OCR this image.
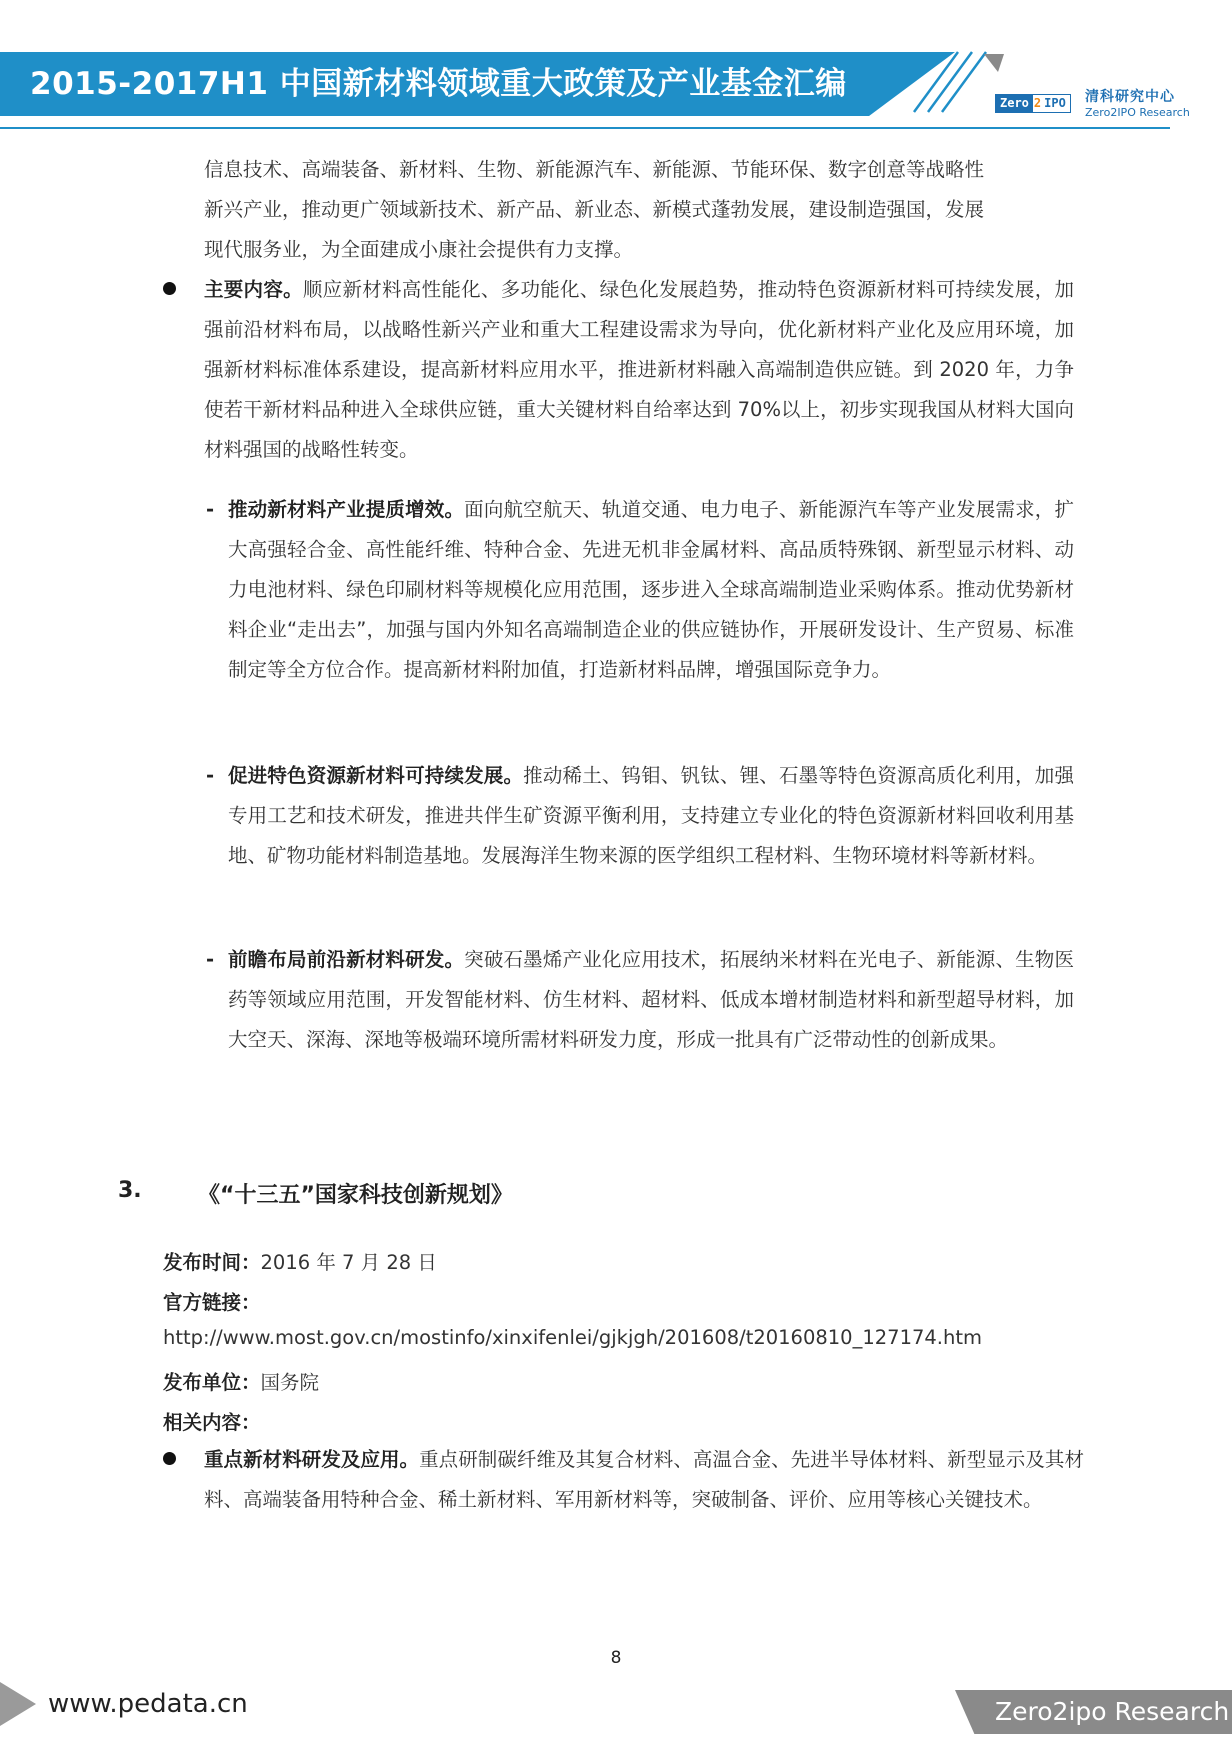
2015-2017H1 中国新材料领域重大政策及产业基金汇编
Zero 2 IPO 清科研究中心
Zero2IPO Research
信息技术、高端装备、新材料、生物、新能源汽车、新能源、节能环保、数字创意等战略性
新兴产业，推动更广领域新技术、新产品、新业态、新模式蓬勃发展，建设制造强国，发展
现代服务业，为全面建成小康社会提供有力支撑。
主要内容。顺应新材料高性能化、多功能化、绿色化发展趋势，推动特色资源新材料可持续发展，加强前沿材料布局，以战略性新兴产业和重大工程建设需求为导向，优化新材料产业化及应用环境，加强新材料标准体系建设，提高新材料应用水平，推进新材料融入高端制造供应链。到 2020 年，力争使若干新材料品种进入全球供应链，重大关键材料自给率达到 70%以上，初步实现我国从材料大国向材料强国的战略性转变。
- 推动新材料产业提质增效。面向航空航天、轨道交通、电力电子、新能源汽车等产业发展需求，扩大高强轻合金、高性能纤维、特种合金、先进无机非金属材料、高品质特殊钢、新型显示材料、动力电池材料、绿色印刷材料等规模化应用范围，逐步进入全球高端制造业采购体系。推动优势新材料企业“走出去”，加强与国内外知名高端制造企业的供应链协作，开展研发设计、生产贸易、标准制定等全方位合作。提高新材料附加值，打造新材料品牌，增强国际竞争力。
- 促进特色资源新材料可持续发展。推动稀土、钨钼、钒钛、锂、石墨等特色资源高质化利用，加强专用工艺和技术研发，推进共伴生矿资源平衡利用，支持建立专业化的特色资源新材料回收利用基地、矿物功能材料制造基地。发展海洋生物来源的医学组织工程材料、生物环境材料等新材料。
- 前瞻布局前沿新材料研发。突破石墨烯产业化应用技术，拓展纳米材料在光电子、新能源、生物医药等领域应用范围，开发智能材料、仿生材料、超材料、低成本增材制造材料和新型超导材料，加大空天、深海、深地等极端环境所需材料研发力度，形成一批具有广泛带动性的创新成果。
3.	《“十三五”国家科技创新规划》
发布时间：2016 年 7 月 28 日
官方链接：
http://www.most.gov.cn/mostinfo/xinxifenlei/gjkjgh/201608/t20160810_127174.htm
发布单位：国务院
相关内容：
重点新材料研发及应用。重点研制碳纤维及其复合材料、高温合金、先进半导体材料、新型显示及其材料、高端装备用特种合金、稀土新材料、军用新材料等，突破制备、评价、应用等核心关键技术。
8
www.pedata.cn	Zero2ipo Research
